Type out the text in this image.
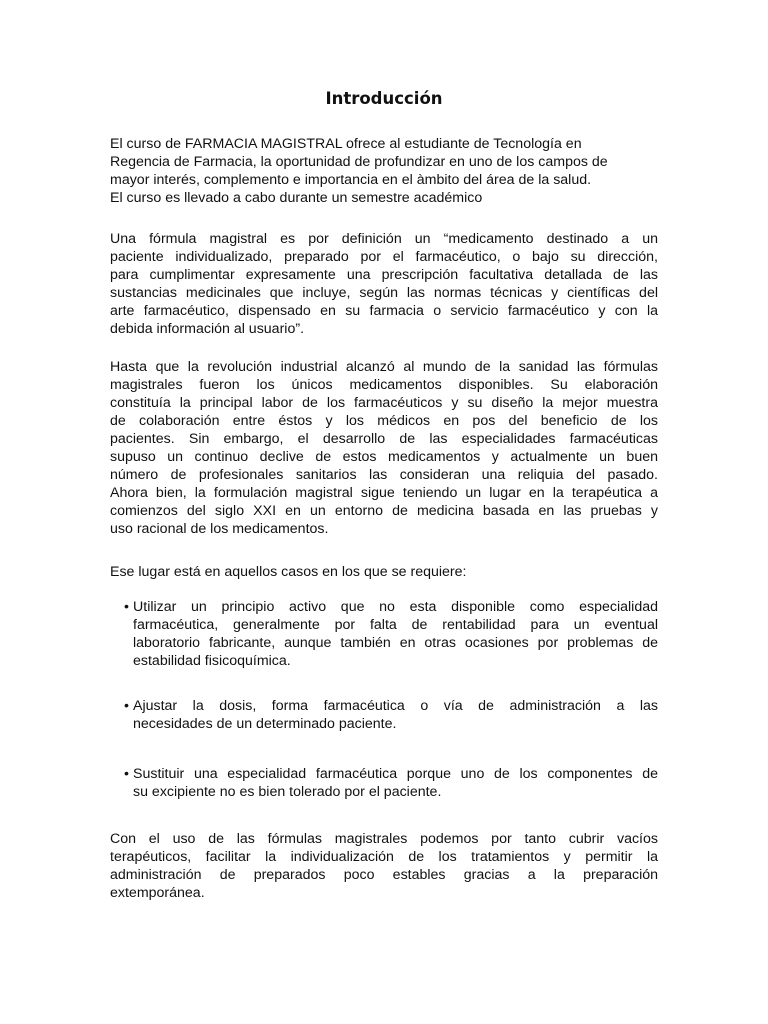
Introducción
El curso de FARMACIA MAGISTRAL ofrece al estudiante de Tecnología en
Regencia de Farmacia, la oportunidad de profundizar en uno de los campos de
mayor interés, complemento e importancia en el àmbito del área de la salud.
El curso es llevado a cabo durante un semestre académico
Una fórmula magistral es por definición un “medicamento destinado a un
paciente individualizado, preparado por el farmacéutico, o bajo su dirección,
para cumplimentar expresamente una prescripción facultativa detallada de las
sustancias medicinales que incluye, según las normas técnicas y científicas del
arte farmacéutico, dispensado en su farmacia o servicio farmacéutico y con la
debida información al usuario”.
Hasta que la revolución industrial alcanzó al mundo de la sanidad las fórmulas
magistrales fueron los únicos medicamentos disponibles. Su elaboración
constituía la principal labor de los farmacéuticos y su diseño la mejor muestra
de colaboración entre éstos y los médicos en pos del beneficio de los
pacientes. Sin embargo, el desarrollo de las especialidades farmacéuticas
supuso un continuo declive de estos medicamentos y actualmente un buen
número de profesionales sanitarios las consideran una reliquia del pasado.
Ahora bien, la formulación magistral sigue teniendo un lugar en la terapéutica a
comienzos del siglo XXI en un entorno de medicina basada en las pruebas y
uso racional de los medicamentos.
Ese lugar está en aquellos casos en los que se requiere:
• Utilizar un principio activo que no esta disponible como especialidad
farmacéutica, generalmente por falta de rentabilidad para un eventual
laboratorio fabricante, aunque también en otras ocasiones por problemas de
estabilidad fisicoquímica.
• Ajustar la dosis, forma farmacéutica o vía de administración a las
necesidades de un determinado paciente.
• Sustituir una especialidad farmacéutica porque uno de los componentes de
su excipiente no es bien tolerado por el paciente.
Con el uso de las fórmulas magistrales podemos por tanto cubrir vacíos
terapéuticos, facilitar la individualización de los tratamientos y permitir la
administración de preparados poco estables gracias a la preparación
extemporánea.
